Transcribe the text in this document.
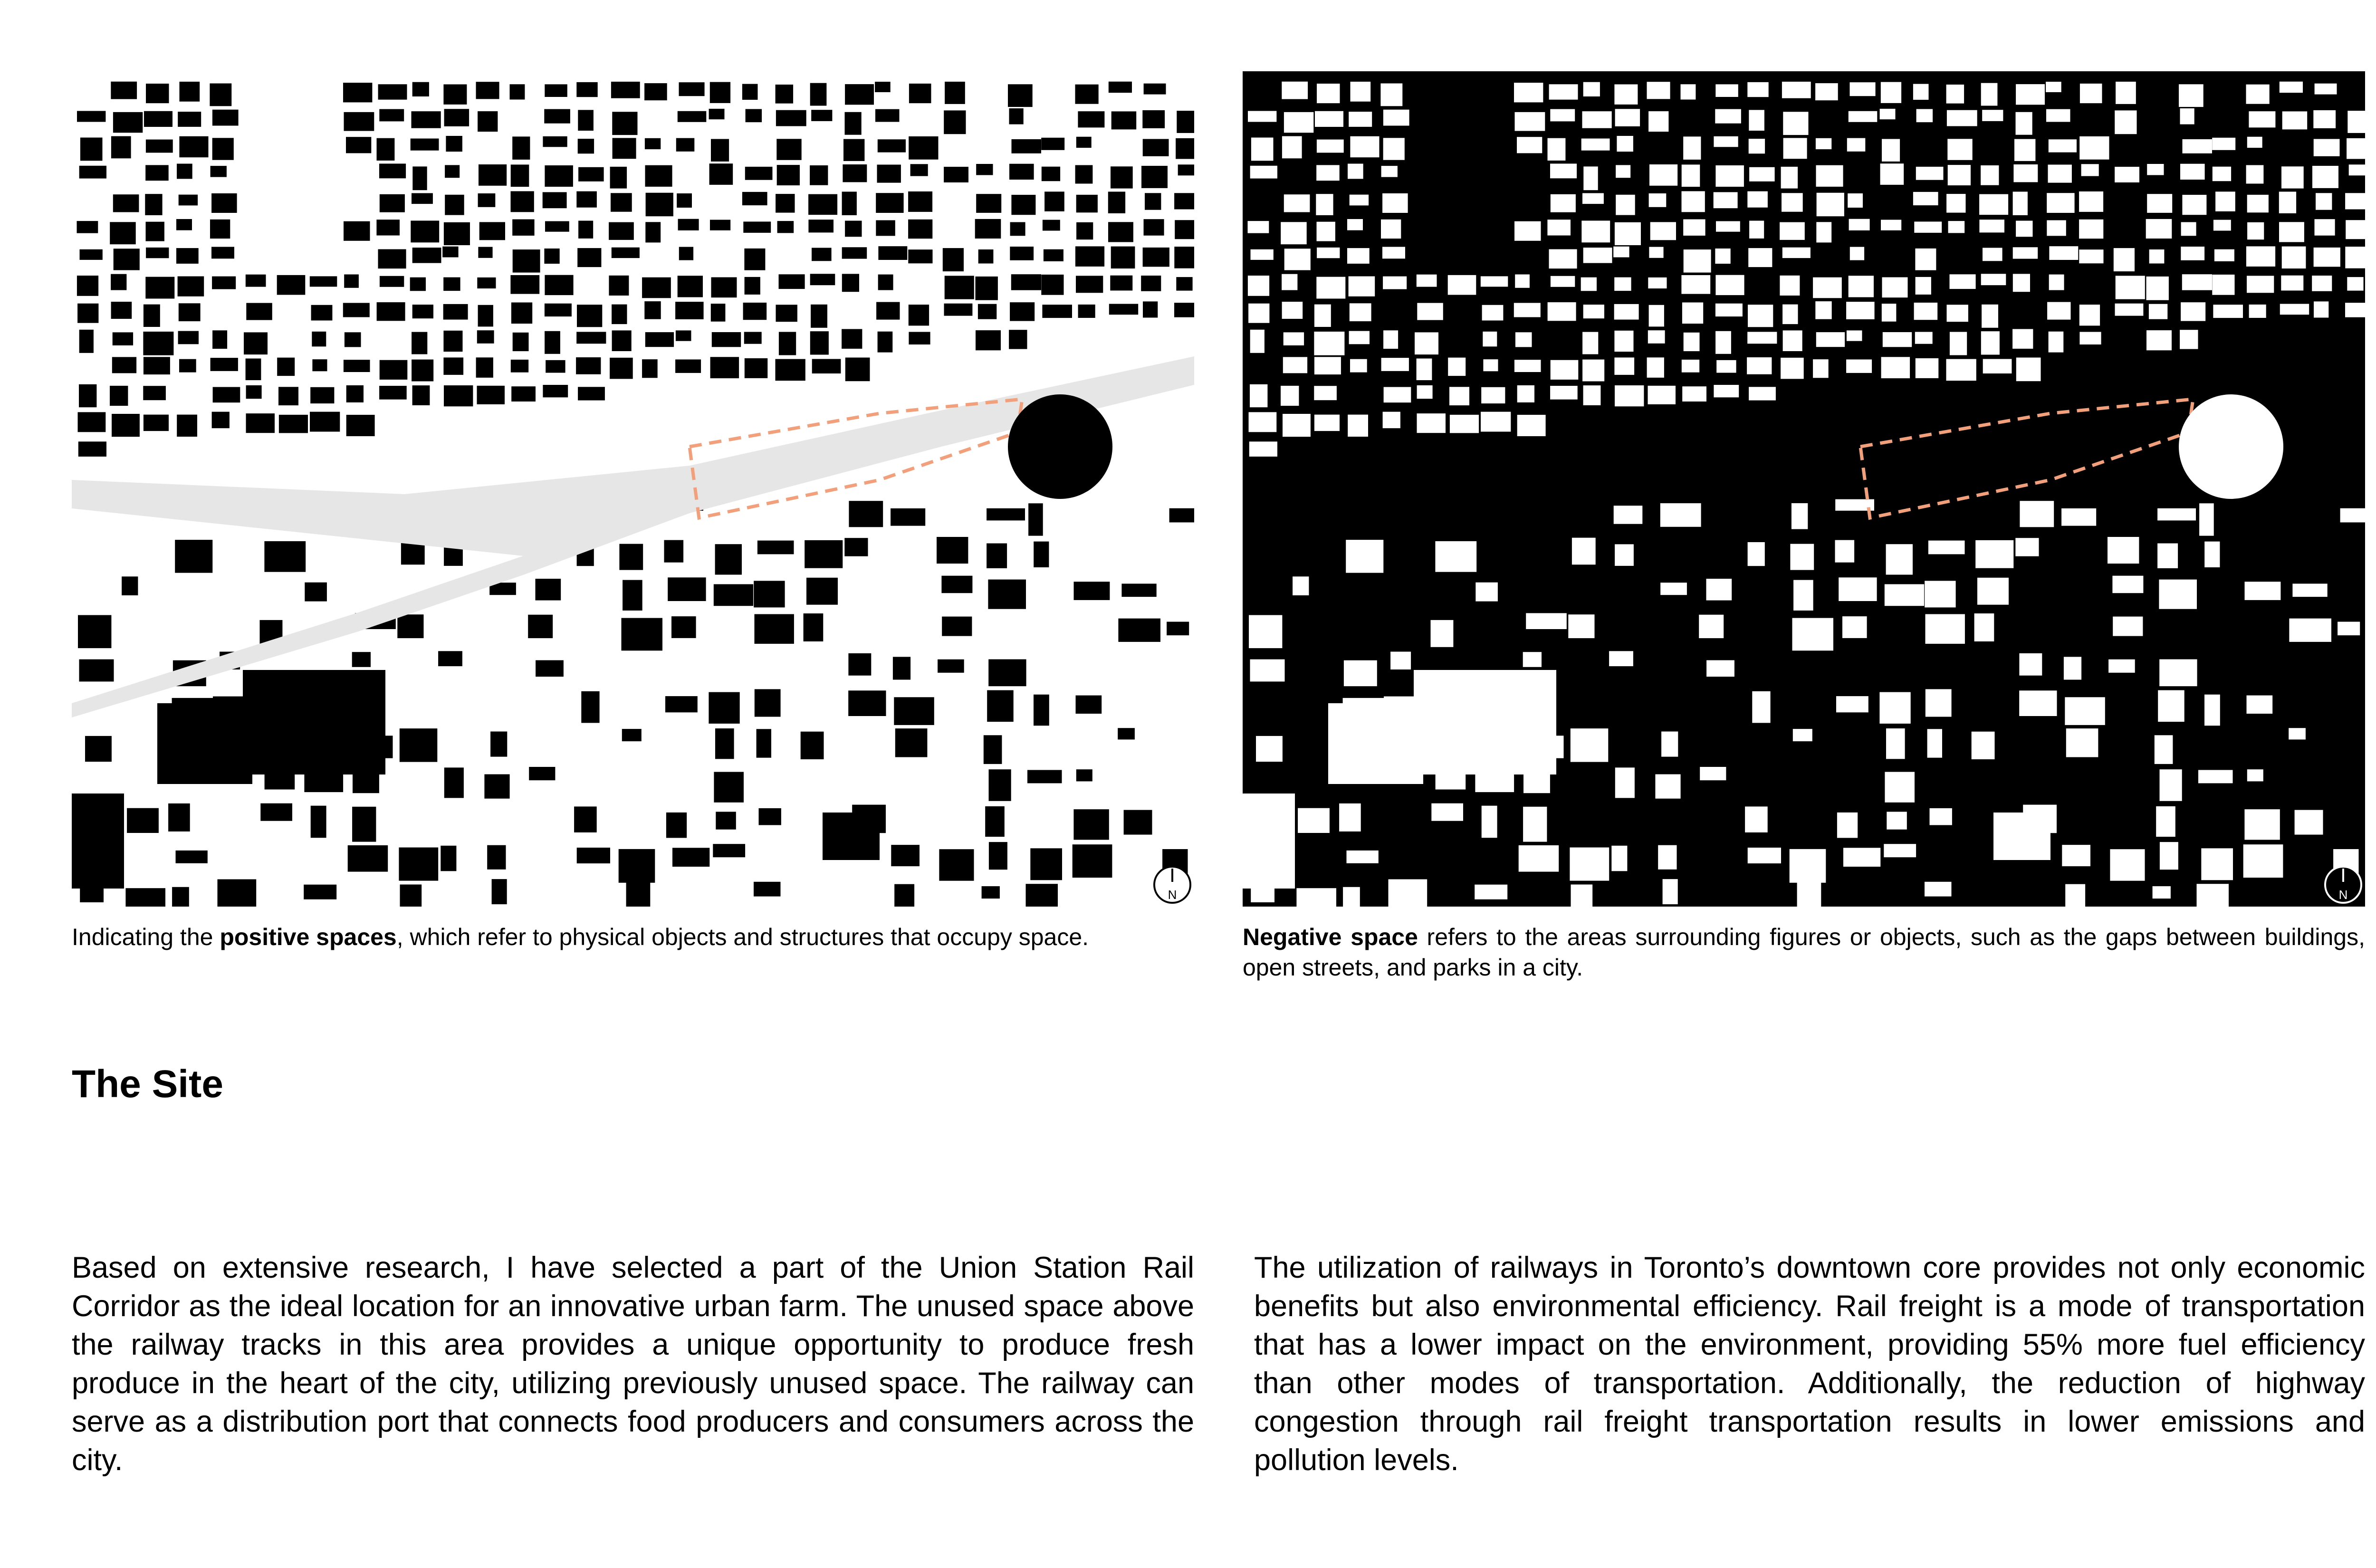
N	N
Indicating the positive spaces, which refer to physical objects and structures that occupy space.	Negative space refers to the areas surrounding figures or objects, such as the gaps between buildings, open streets, and parks in a city.
The Site

Based on extensive research, I have selected a part of the Union Station Rail Corridor as the ideal location for an innovative urban farm. The unused space above the railway tracks in this area provides a unique opportunity to produce fresh produce in the heart of the city, utilizing previously unused space. The railway can serve as a distribution port that connects food producers and consumers across the city.

The utilization of railways in Toronto’s downtown core provides not only economic benefits but also environmental efficiency. Rail freight is a mode of transportation that has a lower impact on the environment, providing 55% more fuel efficiency than other modes of transportation. Additionally, the reduction of highway congestion through rail freight transportation results in lower emissions and pollution levels.
